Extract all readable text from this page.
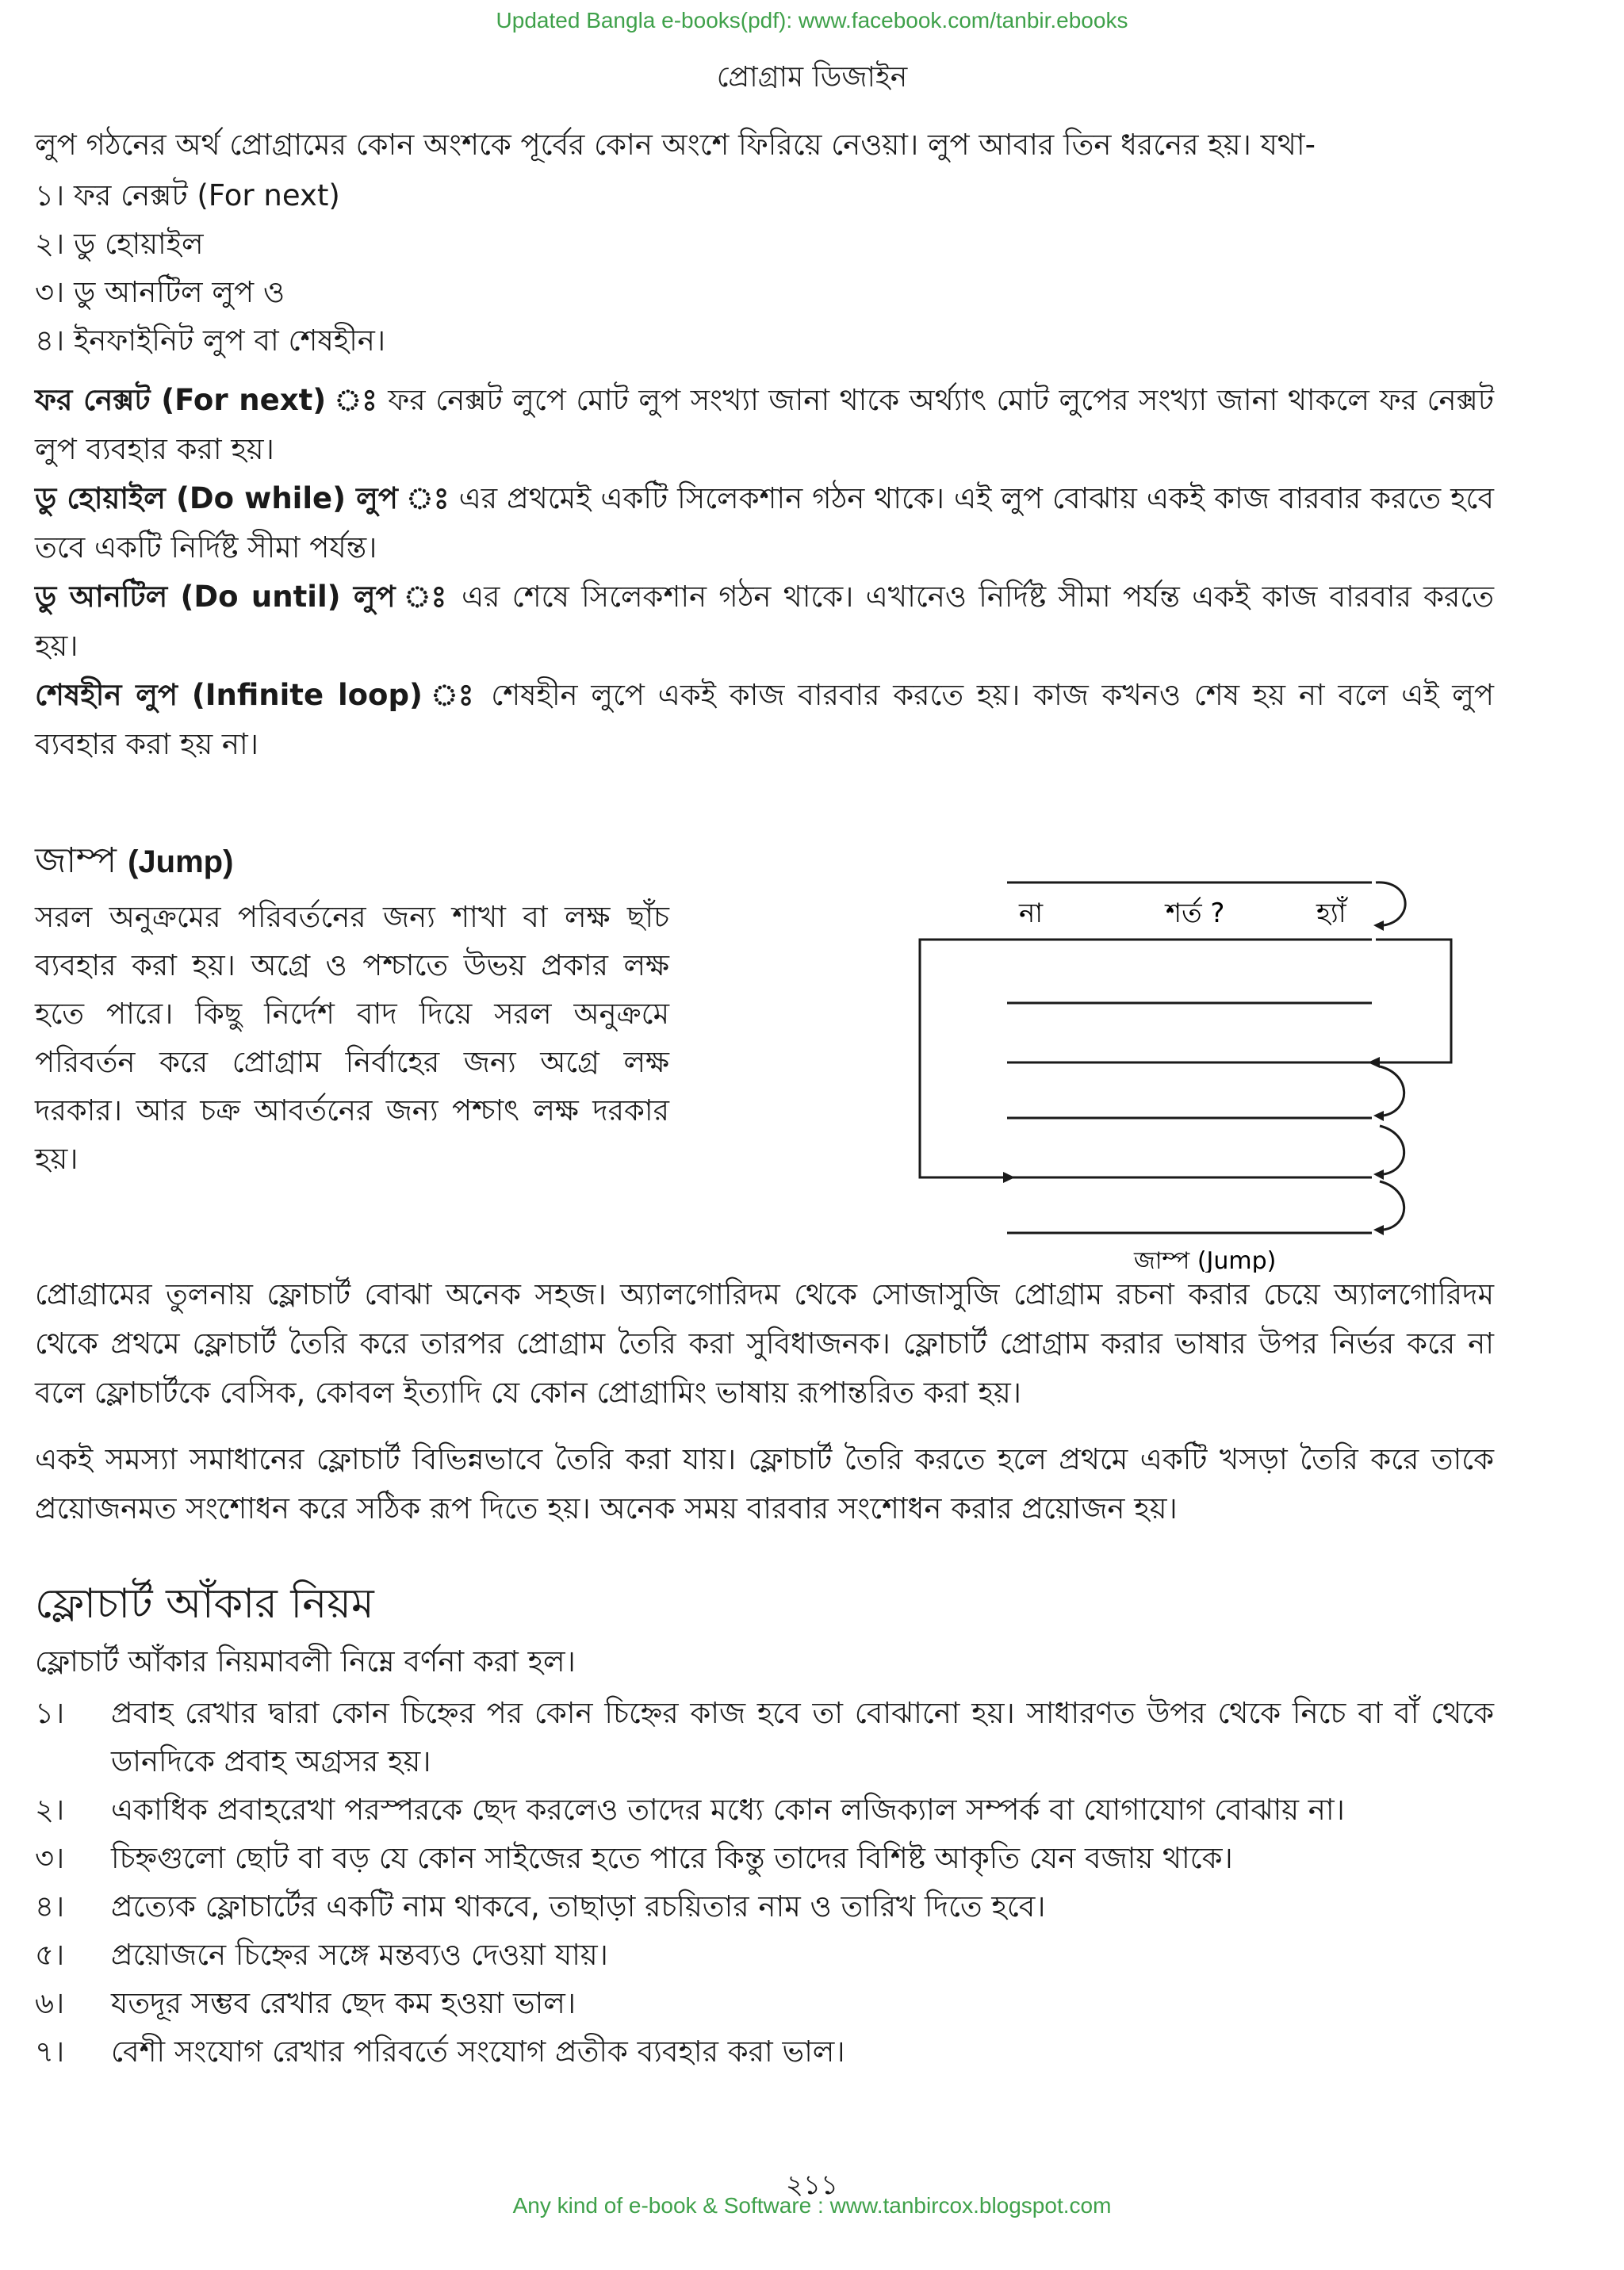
Updated Bangla e-books(pdf): www.facebook.com/tanbir.ebooks
প্রোগ্রাম ডিজাইন
লুপ গঠনের অর্থ প্রোগ্রামের কোন অংশকে পূর্বের কোন অংশে ফিরিয়ে নেওয়া। লুপ আবার তিন ধরনের হয়। যথা-
১। ফর নেক্সট (For next)
২। ডু হোয়াইল
৩। ডু আনটিল লুপ ও
৪। ইনফাইনিট লুপ বা শেষহীন।
ফর নেক্সট (For next) ঃ ফর নেক্সট লুপে মোট লুপ সংখ্যা জানা থাকে অর্থ্যাৎ মোট লুপের সংখ্যা জানা থাকলে ফর নেক্সট লুপ ব্যবহার করা হয়।
ডু হোয়াইল (Do while) লুপ ঃ এর প্রথমেই একটি সিলেকশান গঠন থাকে। এই লুপ বোঝায় একই কাজ বারবার করতে হবে তবে একটি নির্দিষ্ট সীমা পর্যন্ত।
ডু আনটিল (Do until) লুপ ঃ এর শেষে সিলেকশান গঠন থাকে। এখানেও নির্দিষ্ট সীমা পর্যন্ত একই কাজ বারবার করতে হয়।
শেষহীন লুপ (Infinite loop) ঃ শেষহীন লুপে একই কাজ বারবার করতে হয়। কাজ কখনও শেষ হয় না বলে এই লুপ ব্যবহার করা হয় না।
জাম্প (Jump)
সরল অনুক্রমের পরিবর্তনের জন্য শাখা বা লক্ষ ছাঁচ ব্যবহার করা হয়। অগ্রে ও পশ্চাতে উভয় প্রকার লক্ষ হতে পারে। কিছু নির্দেশ বাদ দিয়ে সরল অনুক্রমে পরিবর্তন করে প্রোগ্রাম নির্বাহের জন্য অগ্রে লক্ষ দরকার। আর চক্র আবর্তনের জন্য পশ্চাৎ লক্ষ দরকার হয়।
না	শর্ত ?	হ্যাঁ
জাম্প (Jump)
প্রোগ্রামের তুলনায় ফ্লোচার্ট বোঝা অনেক সহজ। অ্যালগোরিদম থেকে সোজাসুজি প্রোগ্রাম রচনা করার চেয়ে অ্যালগোরিদম থেকে প্রথমে ফ্লোচার্ট তৈরি করে তারপর প্রোগ্রাম তৈরি করা সুবিধাজনক। ফ্লোচার্ট প্রোগ্রাম করার ভাষার উপর নির্ভর করে না বলে ফ্লোচার্টকে বেসিক, কোবল ইত্যাদি যে কোন প্রোগ্রামিং ভাষায় রূপান্তরিত করা হয়।
একই সমস্যা সমাধানের ফ্লোচার্ট বিভিন্নভাবে তৈরি করা যায়। ফ্লোচার্ট তৈরি করতে হলে প্রথমে একটি খসড়া তৈরি করে তাকে প্রয়োজনমত সংশোধন করে সঠিক রূপ দিতে হয়। অনেক সময় বারবার সংশোধন করার প্রয়োজন হয়।
ফ্লোচার্ট আঁকার নিয়ম
ফ্লোচার্ট আঁকার নিয়মাবলী নিম্নে বর্ণনা করা হল।
১।	প্রবাহ রেখার দ্বারা কোন চিহ্নের পর কোন চিহ্নের কাজ হবে তা বোঝানো হয়। সাধারণত উপর থেকে নিচে বা বাঁ থেকে ডানদিকে প্রবাহ অগ্রসর হয়।
২।	একাধিক প্রবাহরেখা পরস্পরকে ছেদ করলেও তাদের মধ্যে কোন লজিক্যাল সম্পর্ক বা যোগাযোগ বোঝায় না।
৩।	চিহ্নগুলো ছোট বা বড় যে কোন সাইজের হতে পারে কিন্তু তাদের বিশিষ্ট আকৃতি যেন বজায় থাকে।
৪।	প্রত্যেক ফ্লোচার্টের একটি নাম থাকবে, তাছাড়া রচয়িতার নাম ও তারিখ দিতে হবে।
৫।	প্রয়োজনে চিহ্নের সঙ্গে মন্তব্যও দেওয়া যায়।
৬।	যতদূর সম্ভব রেখার ছেদ কম হওয়া ভাল।
৭।	বেশী সংযোগ রেখার পরিবর্তে সংযোগ প্রতীক ব্যবহার করা ভাল।
২১১
Any kind of e-book & Software : www.tanbircox.blogspot.com
